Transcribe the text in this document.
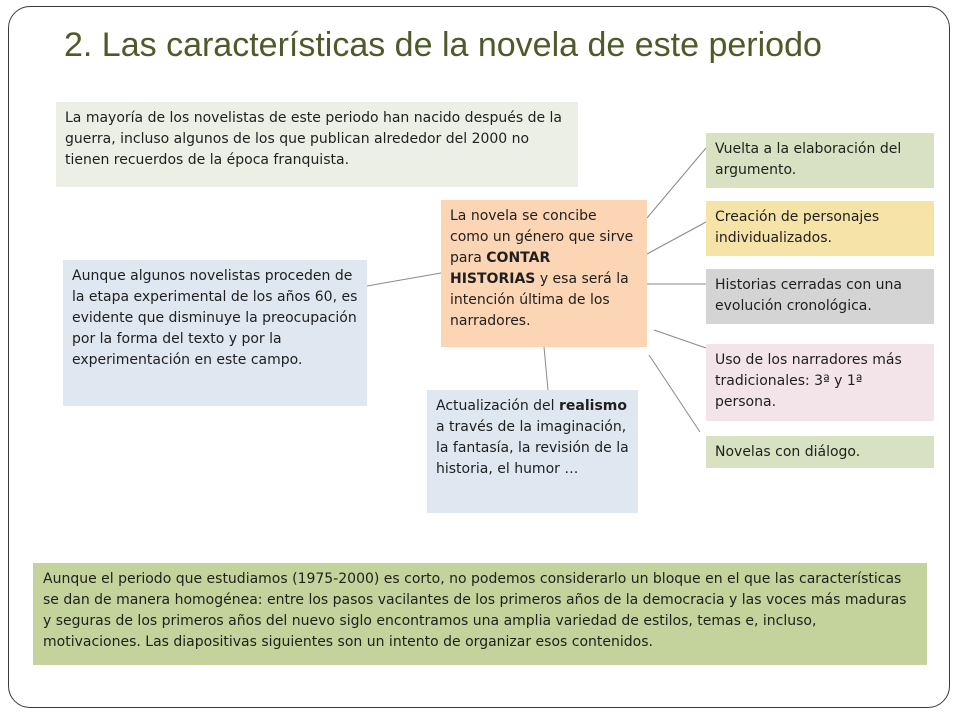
2. Las características de la novela de este periodo
La mayoría de los novelistas de este periodo han nacido después de la guerra, incluso algunos de los que publican alrededor del 2000 no tienen recuerdos de la época franquista.
La novela se concibe como un género que sirve para CONTAR HISTORIAS y esa será la intención última de los narradores.
Aunque algunos novelistas proceden de la etapa experimental de los años 60, es evidente que disminuye la preocupación por la forma del texto y por la experimentación en este campo.
Actualización del realismo a través de la imaginación, la fantasía, la revisión de la historia, el humor …
Vuelta a la elaboración del argumento.
Creación de personajes individualizados.
Historias cerradas con una evolución cronológica.
Uso de los narradores más tradicionales: 3ª y 1ª persona.
Novelas con diálogo.
Aunque el periodo que estudiamos (1975-2000) es corto, no podemos considerarlo un bloque en el que las características se dan de manera homogénea: entre los pasos vacilantes de los primeros años de la democracia y las voces más maduras y seguras de los primeros años del nuevo siglo encontramos una amplia variedad de estilos, temas e, incluso, motivaciones. Las diapositivas siguientes son un intento de organizar esos contenidos.
